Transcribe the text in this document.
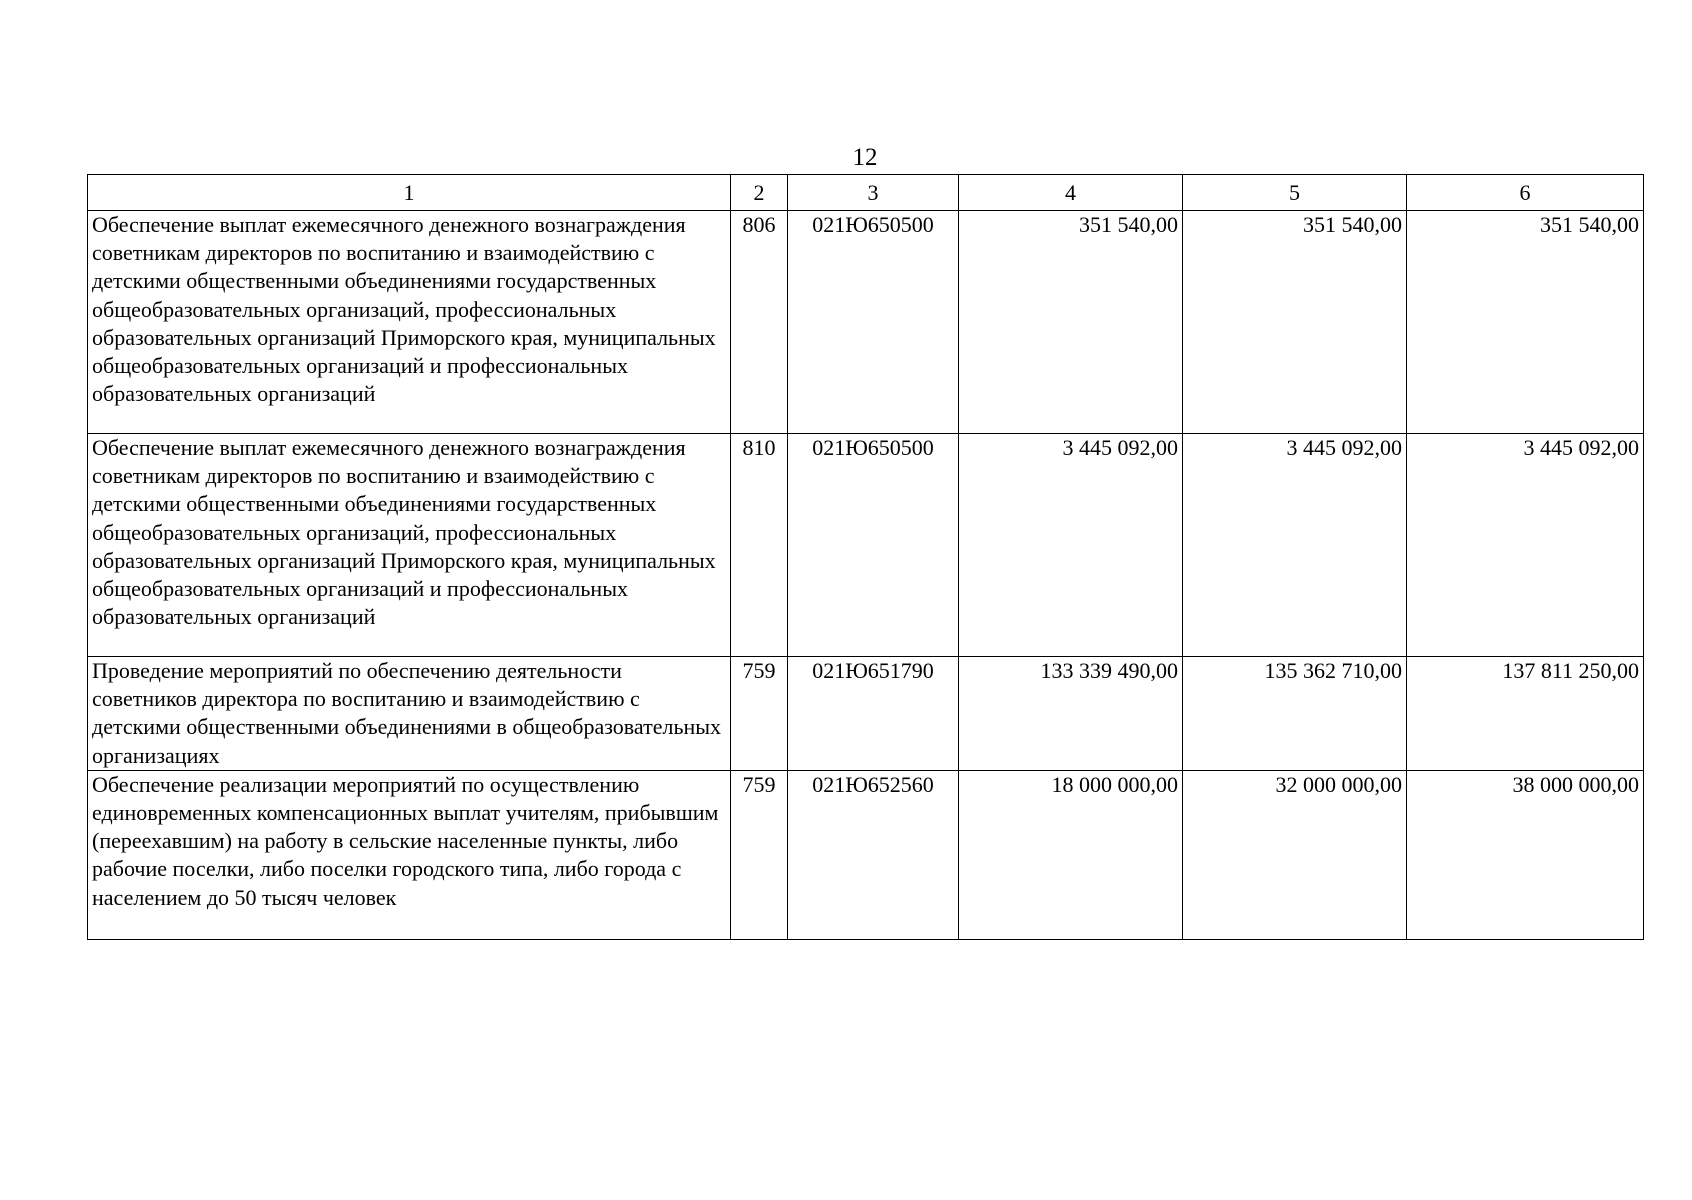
12
1	2	3	4	5	6
Обеспечение выплат ежемесячного денежного вознаграждения советникам директоров по воспитанию и взаимодействию с детскими общественными объединениями государственных общеобразовательных организаций, профессиональных образовательных организаций Приморского края, муниципальных общеобразовательных организаций и профессиональных образовательных организаций	806	021Ю650500	351 540,00	351 540,00	351 540,00
Обеспечение выплат ежемесячного денежного вознаграждения советникам директоров по воспитанию и взаимодействию с детскими общественными объединениями государственных общеобразовательных организаций, профессиональных образовательных организаций Приморского края, муниципальных общеобразовательных организаций и профессиональных образовательных организаций	810	021Ю650500	3 445 092,00	3 445 092,00	3 445 092,00
Проведение мероприятий по обеспечению деятельности советников директора по воспитанию и взаимодействию с детскими общественными объединениями в общеобразовательных организациях	759	021Ю651790	133 339 490,00	135 362 710,00	137 811 250,00
Обеспечение реализации мероприятий по осуществлению единовременных компенсационных выплат учителям, прибывшим (переехавшим) на работу в сельские населенные пункты, либо рабочие поселки, либо поселки городского типа, либо города с населением до 50 тысяч человек	759	021Ю652560	18 000 000,00	32 000 000,00	38 000 000,00
